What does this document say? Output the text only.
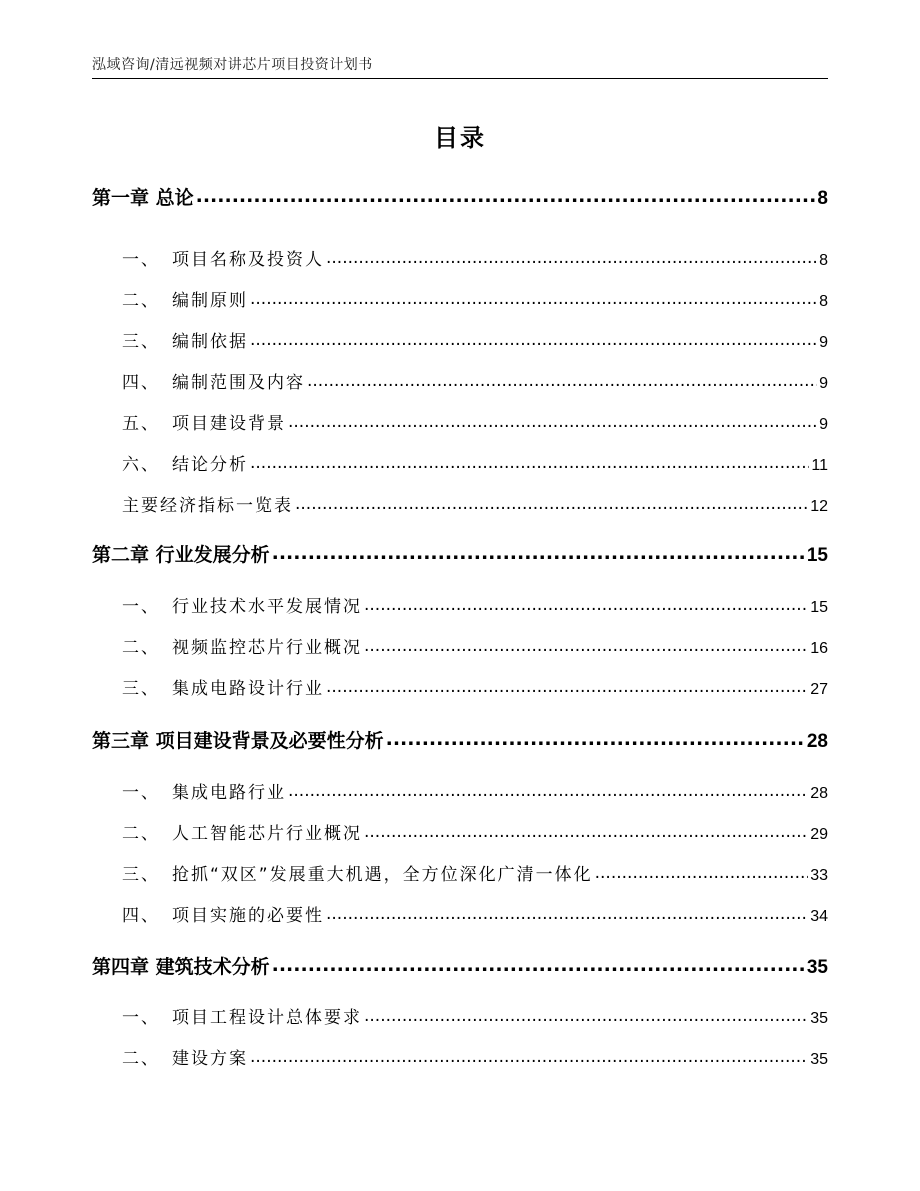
泓域咨询/清远视频对讲芯片项目投资计划书
目录
第一章 总论 .....	8
一、 项目名称及投资人 .....	8
二、 编制原则 .....	8
三、 编制依据 .....	9
四、 编制范围及内容 .....	9
五、 项目建设背景 .....	9
六、 结论分析 .....	11
主要经济指标一览表 .....	12
第二章 行业发展分析 .....	15
一、 行业技术水平发展情况 .....	15
二、 视频监控芯片行业概况 .....	16
三、 集成电路设计行业 .....	27
第三章 项目建设背景及必要性分析 .....	28
一、 集成电路行业 .....	28
二、 人工智能芯片行业概况 .....	29
三、 抢抓“双区”发展重大机遇，全方位深化广清一体化 .....	33
四、 项目实施的必要性 .....	34
第四章 建筑技术分析 .....	35
一、 项目工程设计总体要求 .....	35
二、 建设方案 .....	35
